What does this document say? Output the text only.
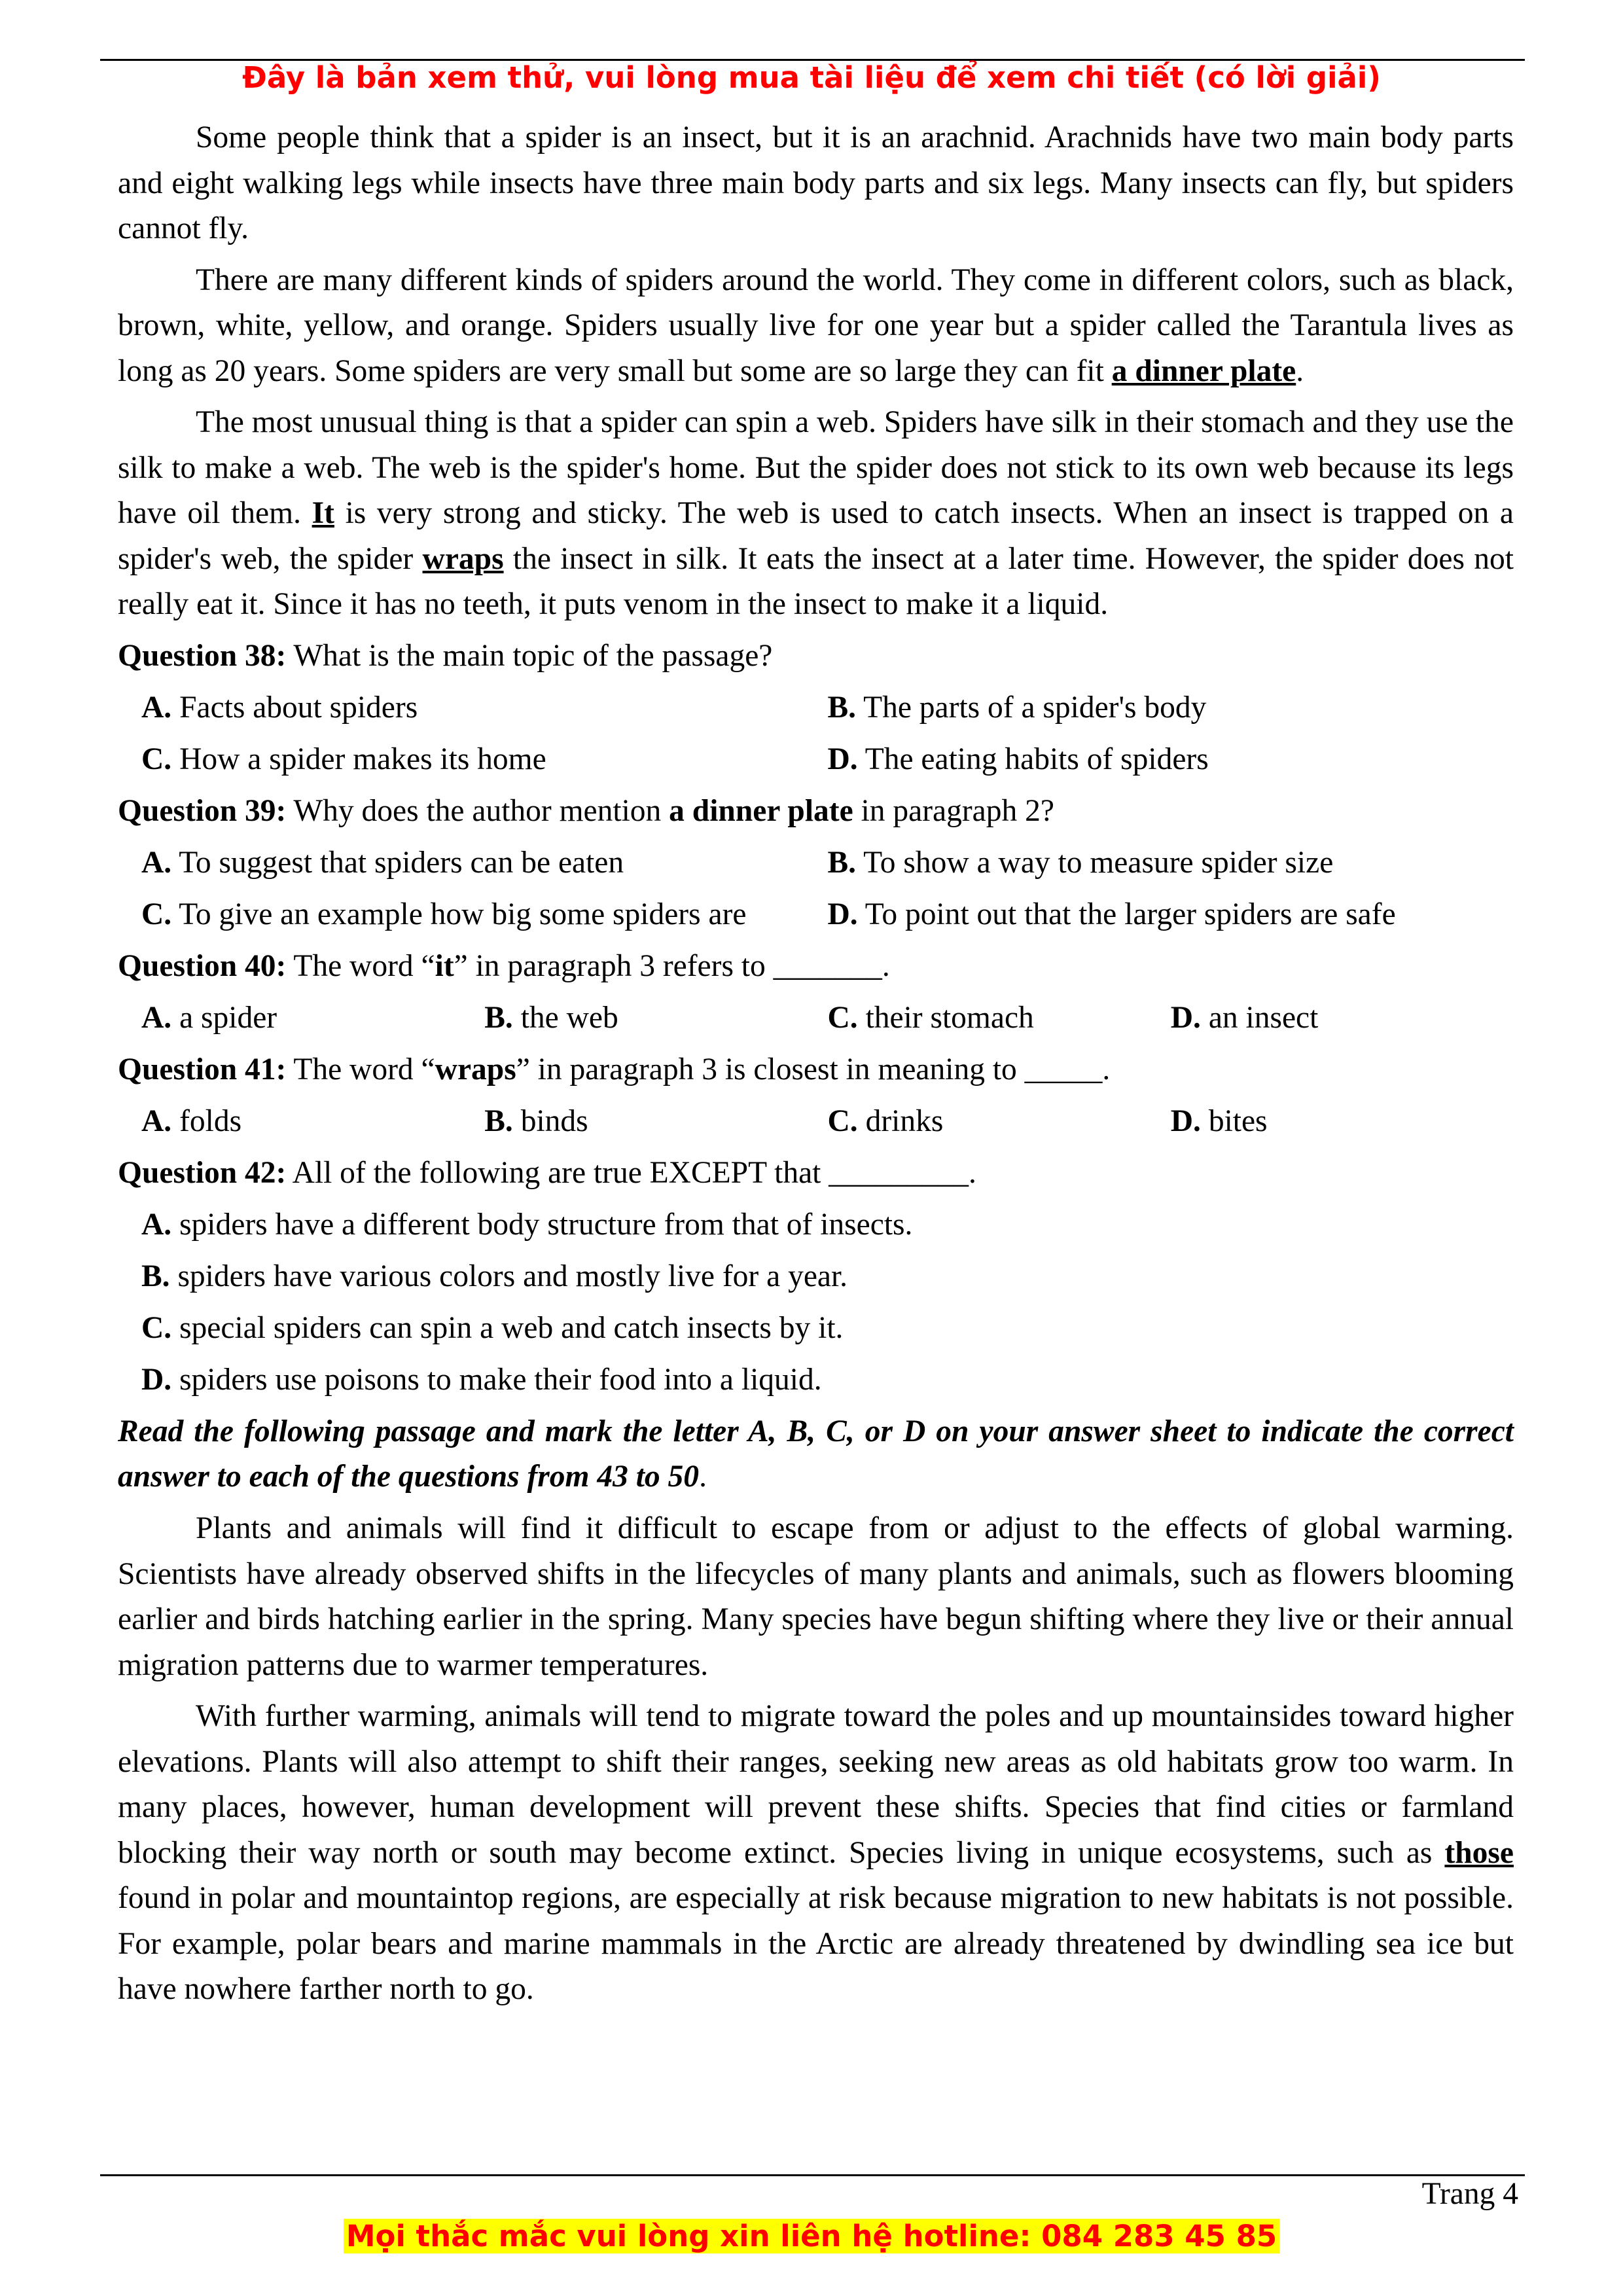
Đây là bản xem thử, vui lòng mua tài liệu để xem chi tiết (có lời giải)

Some people think that a spider is an insect, but it is an arachnid. Arachnids have two main body parts and eight walking legs while insects have three main body parts and six legs. Many insects can fly, but spiders cannot fly.

There are many different kinds of spiders around the world. They come in different colors, such as black, brown, white, yellow, and orange. Spiders usually live for one year but a spider called the Tarantula lives as long as 20 years. Some spiders are very small but some are so large they can fit a dinner plate.

The most unusual thing is that a spider can spin a web. Spiders have silk in their stomach and they use the silk to make a web. The web is the spider's home. But the spider does not stick to its own web because its legs have oil them. It is very strong and sticky. The web is used to catch insects. When an insect is trapped on a spider's web, the spider wraps the insect in silk. It eats the insect at a later time. However, the spider does not really eat it. Since it has no teeth, it puts venom in the insect to make it a liquid.

Question 38: What is the main topic of the passage?
A. Facts about spiders	B. The parts of a spider's body
C. How a spider makes its home	D. The eating habits of spiders
Question 39: Why does the author mention a dinner plate in paragraph 2?
A. To suggest that spiders can be eaten	B. To show a way to measure spider size
C. To give an example how big some spiders are	D. To point out that the larger spiders are safe
Question 40: The word “it” in paragraph 3 refers to _______.
A. a spider	B. the web	C. their stomach	D. an insect
Question 41: The word “wraps” in paragraph 3 is closest in meaning to _____.
A. folds	B. binds	C. drinks	D. bites
Question 42: All of the following are true EXCEPT that _________.
A. spiders have a different body structure from that of insects.
B. spiders have various colors and mostly live for a year.
C. special spiders can spin a web and catch insects by it.
D. spiders use poisons to make their food into a liquid.
Read the following passage and mark the letter A, B, C, or D on your answer sheet to indicate the correct answer to each of the questions from 43 to 50.

Plants and animals will find it difficult to escape from or adjust to the effects of global warming. Scientists have already observed shifts in the lifecycles of many plants and animals, such as flowers blooming earlier and birds hatching earlier in the spring. Many species have begun shifting where they live or their annual migration patterns due to warmer temperatures.

With further warming, animals will tend to migrate toward the poles and up mountainsides toward higher elevations. Plants will also attempt to shift their ranges, seeking new areas as old habitats grow too warm. In many places, however, human development will prevent these shifts. Species that find cities or farmland blocking their way north or south may become extinct. Species living in unique ecosystems, such as those found in polar and mountaintop regions, are especially at risk because migration to new habitats is not possible. For example, polar bears and marine mammals in the Arctic are already threatened by dwindling sea ice but have nowhere farther north to go.

Trang 4
Mọi thắc mắc vui lòng xin liên hệ hotline: 084 283 45 85
